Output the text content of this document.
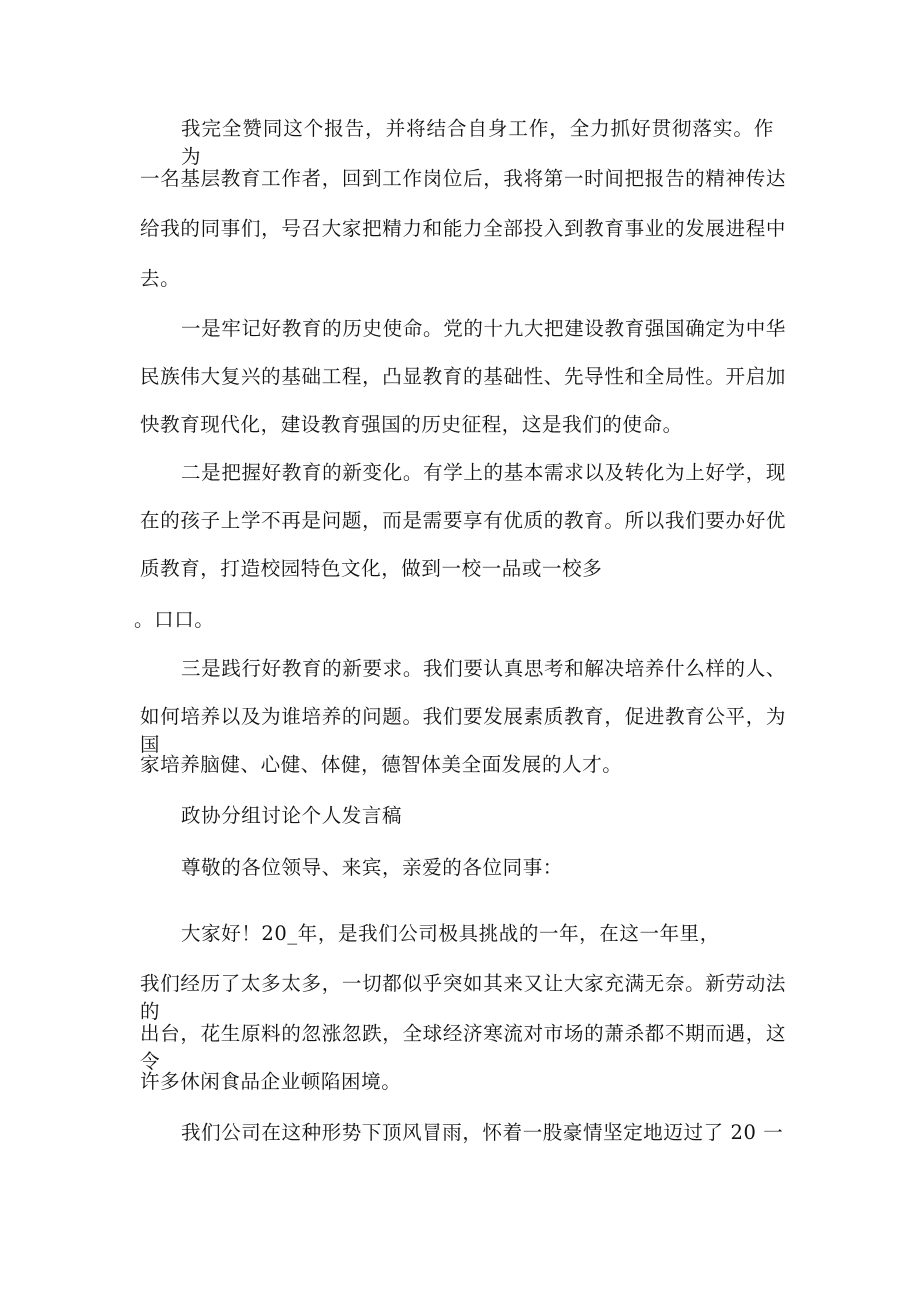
我完全赞同这个报告，并将结合自身工作，全力抓好贯彻落实。作为
一名基层教育工作者，回到工作岗位后，我将第一时间把报告的精神传达
给我的同事们，号召大家把精力和能力全部投入到教育事业的发展进程中
去。
一是牢记好教育的历史使命。党的十九大把建设教育强国确定为中华
民族伟大复兴的基础工程，凸显教育的基础性、先导性和全局性。开启加
快教育现代化，建设教育强国的历史征程，这是我们的使命。
二是把握好教育的新变化。有学上的基本需求以及转化为上好学，现
在的孩子上学不再是问题，而是需要享有优质的教育。所以我们要办好优
质教育，打造校园特色文化，做到一校一品或一校多
。口口。
三是践行好教育的新要求。我们要认真思考和解决培养什么样的人、
如何培养以及为谁培养的问题。我们要发展素质教育，促进教育公平，为国
家培养脑健、心健、体健，德智体美全面发展的人才。
政协分组讨论个人发言稿
尊敬的各位领导、来宾，亲爱的各位同事：
大家好！20_年，是我们公司极具挑战的一年，在这一年里，
我们经历了太多太多，一切都似乎突如其来又让大家充满无奈。新劳动法的
出台，花生原料的忽涨忽跌，全球经济寒流对市场的萧杀都不期而遇，这令
许多休闲食品企业顿陷困境。
我们公司在这种形势下顶风冒雨，怀着一股豪情坚定地迈过了 20 一
